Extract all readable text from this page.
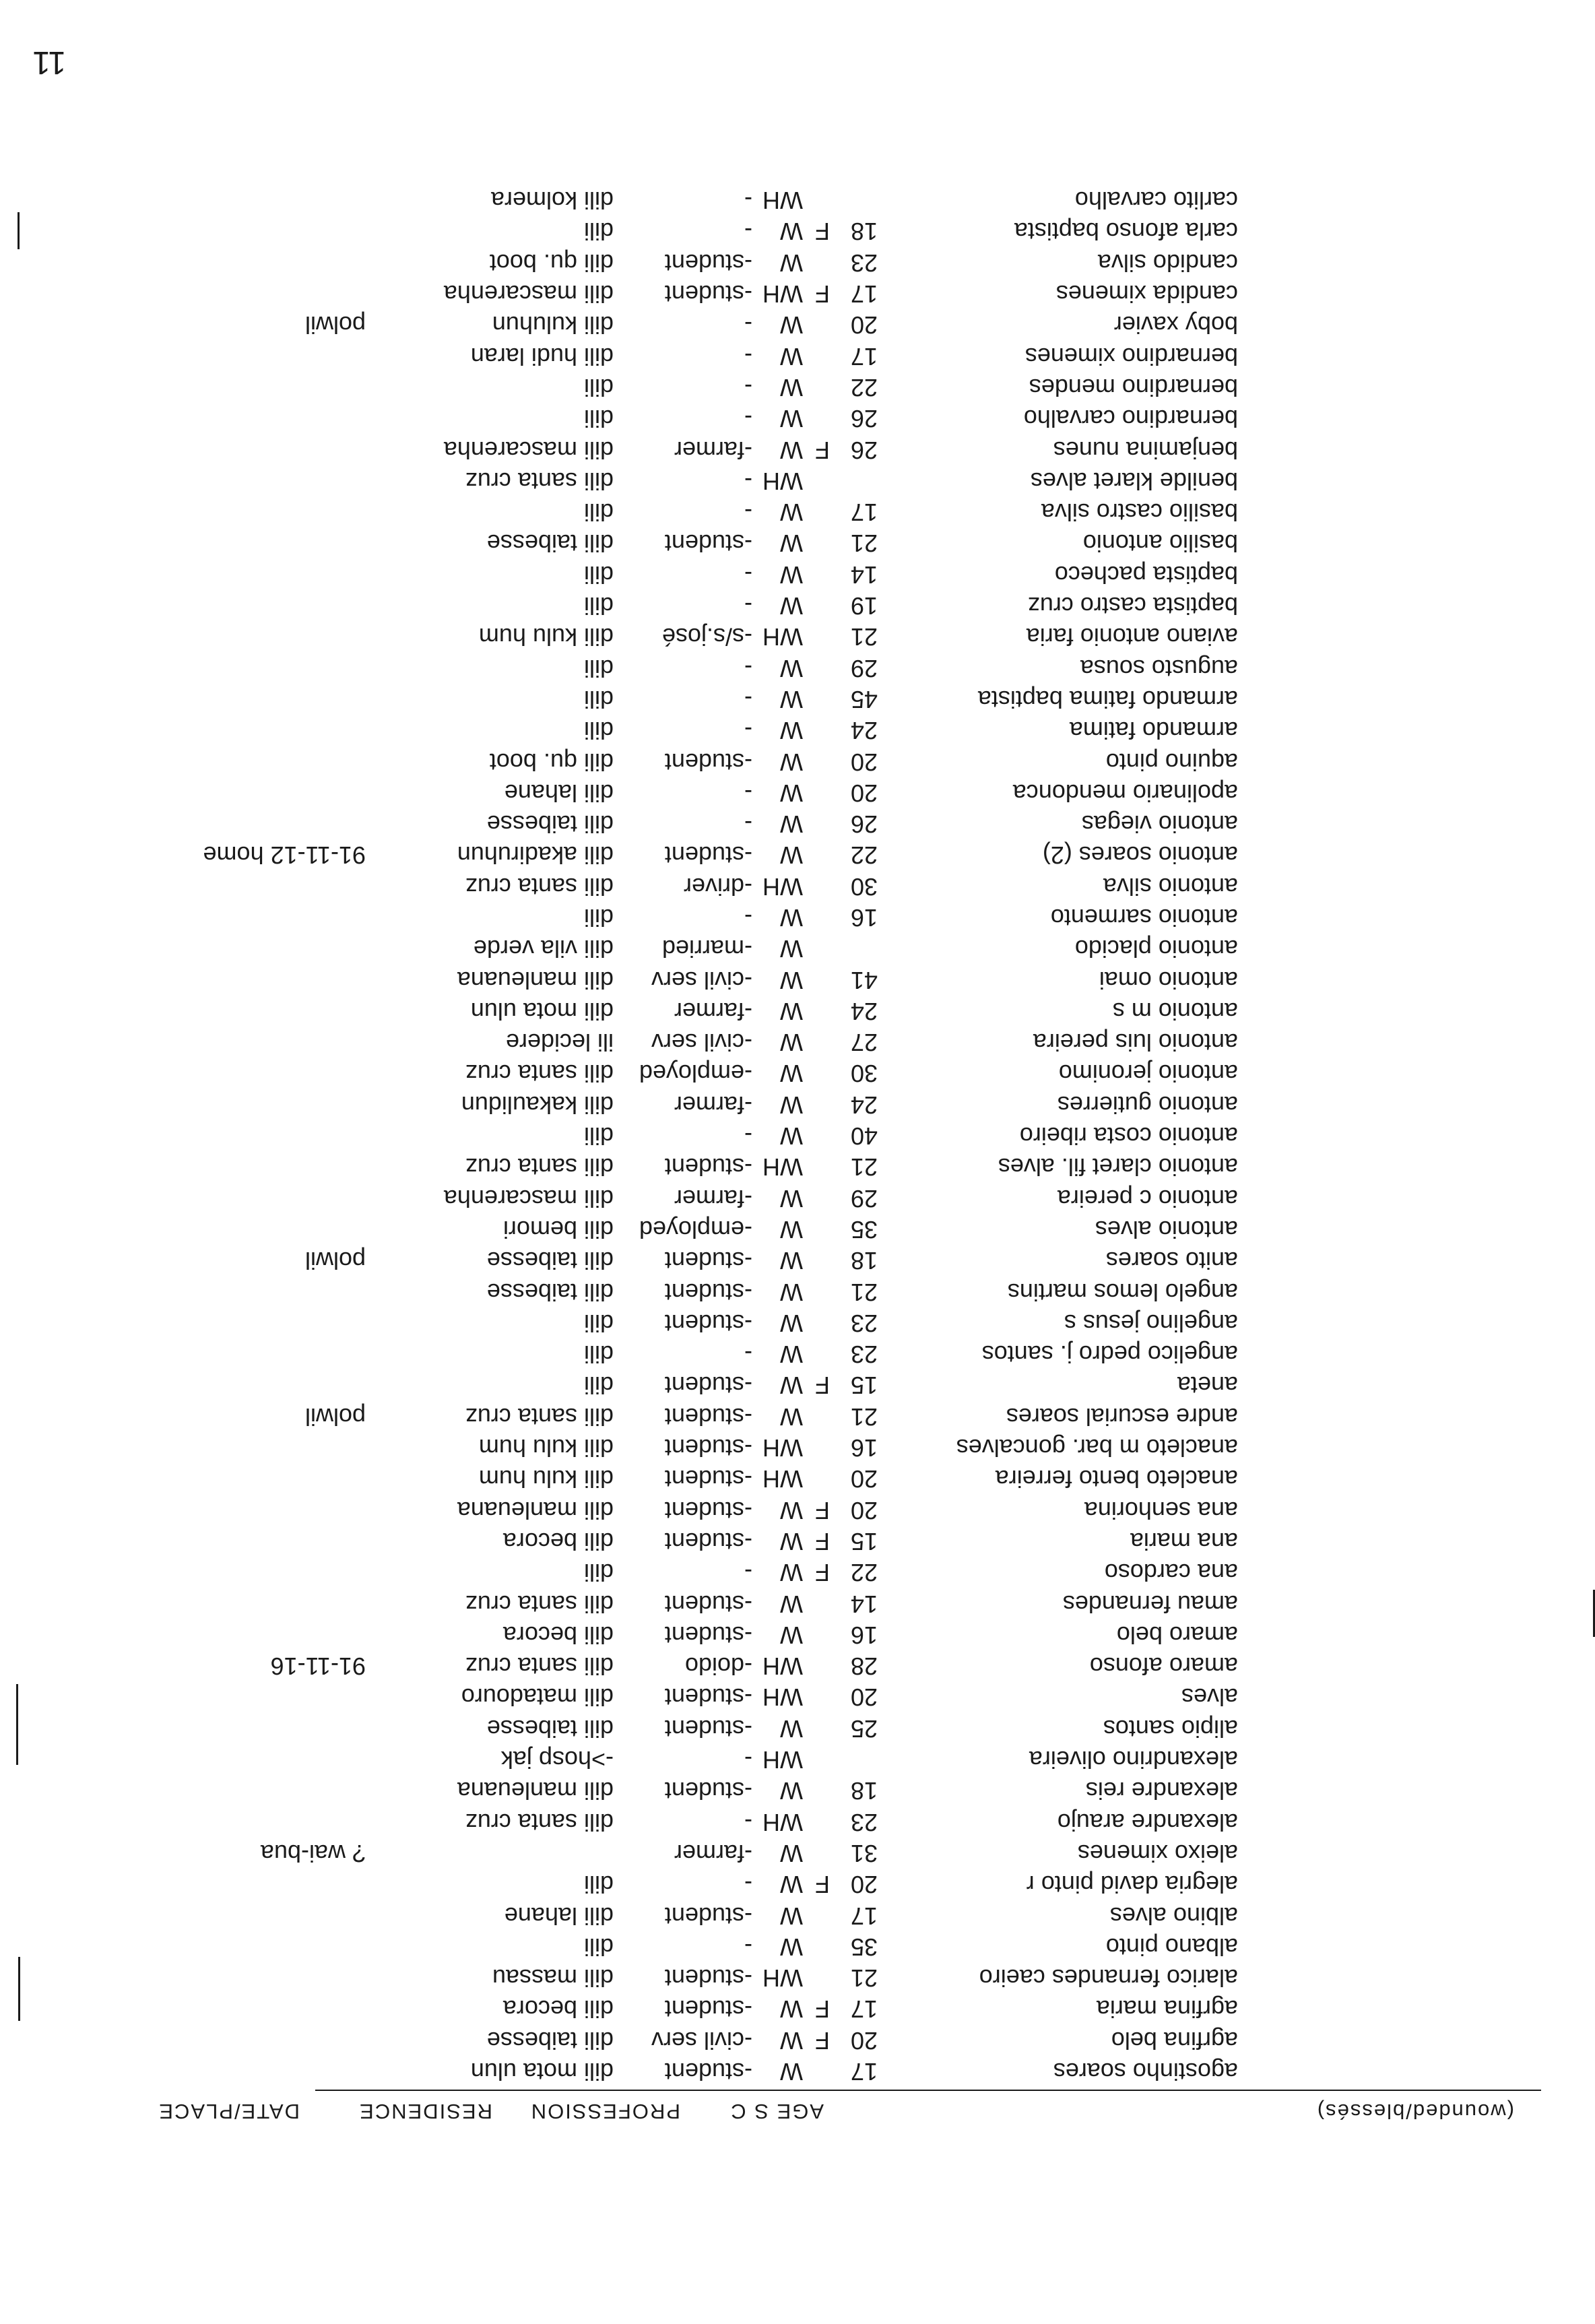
(wounded/blessés)
AGE S C
PROFESSION
RESIDENCE
DATE/PLACE
agostinho soares
17
W
-student
dili mota ulun
agrfina belo
20
F
W
-civil serv
dili taibesse
agrfina maria
17
F
W
-student
dili becora
alarico fernandes caeiro
21
WH
-student
dili massau
albano pinto
35
W
-
dili
albino alves
17
W
-student
dili lahane
alegria david pinto r
20
F
W
-
dili
aleixo ximenes
31
W
-farmer
? wai-bua
alexandre araujo
23
WH
-
dili santa cruz
alexandre reis
18
W
-student
dili manleuana
alexandrino oliveira
WH
-
->hosp jak
alipio santos
25
W
-student
dili taibesse
alves
20
WH
-student
dili matadouro
amaro afonso
28
WH
-doido
dili santa cruz
91-11-16
amaro belo
16
W
-student
dili becora
amau fernandes
14
W
-student
dili santa cruz
ana cardoso
22
F
W
-
dili
ana maria
15
F
W
-student
dili becora
ana senhorina
20
F
W
-student
dili manleuana
anacleto bento ferreira
20
WH
-student
dili kulu hum
anacleto m bar. goncalves
16
WH
-student
dili kulu hum
andre escurial soares
21
W
-student
dili santa cruz
polwil
aneta
15
F
W
-student
dili
angelico pedro j. santos
23
W
-
dili
angelino jesus s
23
W
-student
dili
angelo lemos martins
21
W
-student
dili taibesse
anito soares
18
W
-student
dili taibesse
polwil
antonio alves
35
W
-employed
dili bemori
antonio c pereira
29
W
-farmer
dili mascarenha
antonio claret fil. alves
21
WH
-student
dili santa cruz
antonio costa ribeiro
40
W
-
dili
antonio gutierres
24
W
-farmer
dili kakaulidun
antonio jeronimo
30
W
-employed
dili santa cruz
antonio luis pereira
27
W
-civil serv
ili lecidere
antonio m s
24
W
-farmer
dili mota ulun
antonio omai
41
W
-civil serv
dili manleuana
antonio placido
W
-married
dili vila verde
antonio sarmento
16
W
-
dili
antonio silva
30
WH
-driver
dili santa cruz
antonio soares (2)
22
W
-student
dili akadiruhun
91-11-12 home
antonio viegas
26
W
-
dili taibesse
apolinario mendonca
20
W
-
dili lahane
aquino pinto
20
W
-student
dili qu. boot
armando fatima
24
W
-
dili
armando fatima baptista
45
W
-
dili
augusto sousa
29
W
-
dili
aviano antonio faria
21
WH
-s/s.josé
dili kulu hum
baptista castro cruz
19
W
-
dili
baptista pacheco
14
W
-
dili
basilio antonio
21
W
-student
dili taibesse
basilio castro silva
17
W
-
dili
benilde klaret alves
WH
-
dili santa cruz
benjamina nunes
26
F
W
-farmer
dili mascarenha
bernardino carvalho
26
W
-
dili
bernardino mendes
22
W
-
dili
bernardino ximenes
17
W
-
dili hudi laran
boby xavier
20
W
-
dili kuluhun
polwil
candida ximenes
17
F
WH
-student
dili mascarenha
candido silva
23
W
-student
dili qu. boot
carla afonso baptista
18
F
W
-
dili
carlito carvalho
WH
-
dili kolmera
11
